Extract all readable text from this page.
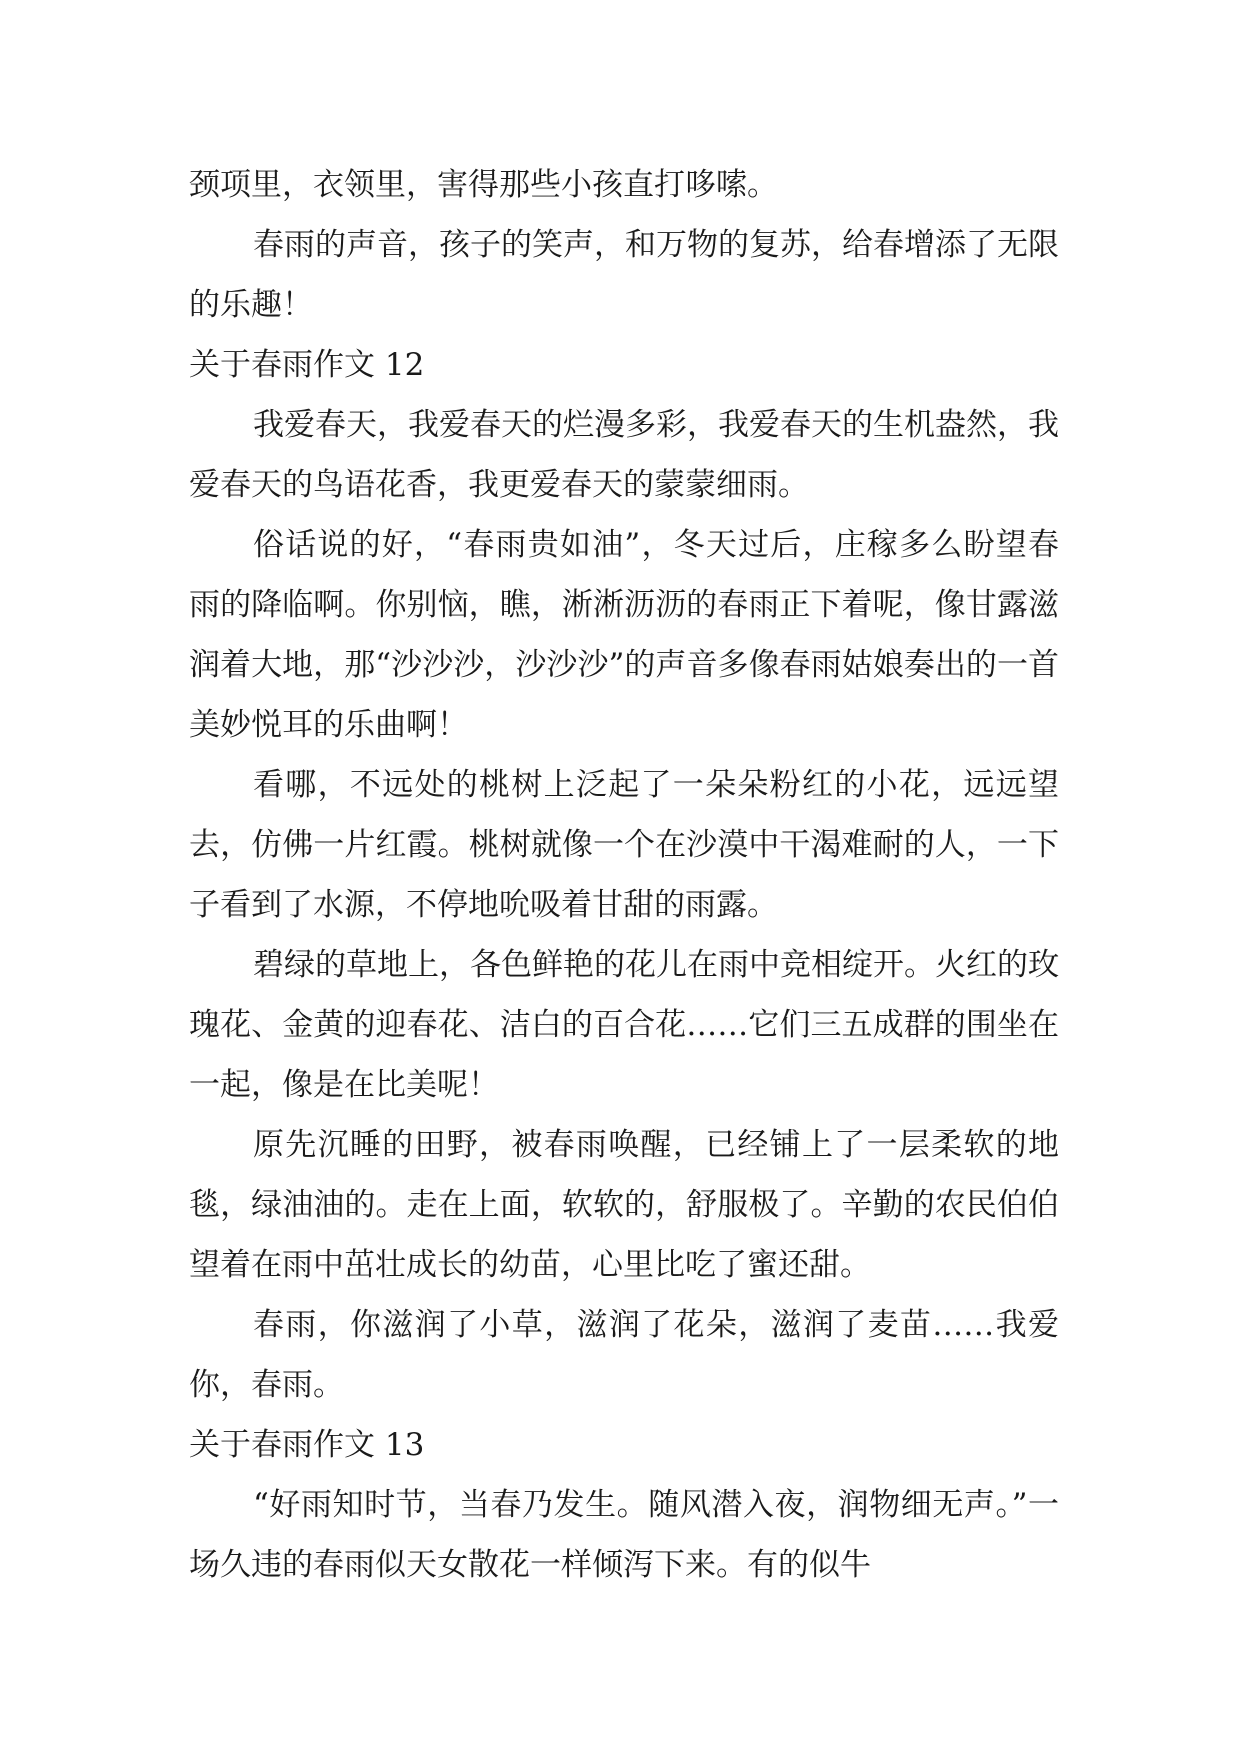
颈项里，衣领里，害得那些小孩直打哆嗦。

春雨的声音，孩子的笑声，和万物的复苏，给春增添了无限的乐趣！

关于春雨作文 12

我爱春天，我爱春天的烂漫多彩，我爱春天的生机盎然，我爱春天的鸟语花香，我更爱春天的蒙蒙细雨。

俗话说的好，“春雨贵如油”，冬天过后，庄稼多么盼望春雨的降临啊。你别恼，瞧，淅淅沥沥的春雨正下着呢，像甘露滋润着大地，那“沙沙沙，沙沙沙”的声音多像春雨姑娘奏出的一首美妙悦耳的乐曲啊！

看哪，不远处的桃树上泛起了一朵朵粉红的小花，远远望去，仿佛一片红霞。桃树就像一个在沙漠中干渴难耐的人，一下子看到了水源，不停地吮吸着甘甜的雨露。

碧绿的草地上，各色鲜艳的花儿在雨中竞相绽开。火红的玫瑰花、金黄的迎春花、洁白的百合花……它们三五成群的围坐在一起，像是在比美呢！

原先沉睡的田野，被春雨唤醒，已经铺上了一层柔软的地毯，绿油油的。走在上面，软软的，舒服极了。辛勤的农民伯伯望着在雨中茁壮成长的幼苗，心里比吃了蜜还甜。

春雨，你滋润了小草，滋润了花朵，滋润了麦苗……我爱你，春雨。

关于春雨作文 13

“好雨知时节，当春乃发生。随风潜入夜，润物细无声。”一场久违的春雨似天女散花一样倾泻下来。有的似牛
